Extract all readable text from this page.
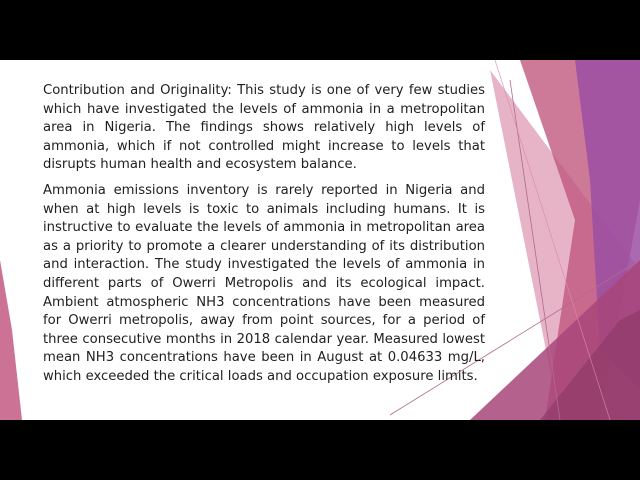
Contribution and Originality: This study is one of very few studies which have investigated the levels of ammonia in a metropolitan area in Nigeria. The findings shows relatively high levels of ammonia, which if not controlled might increase to levels that disrupts human health and ecosystem balance.

Ammonia emissions inventory is rarely reported in Nigeria and when at high levels is toxic to animals including humans. It is instructive to evaluate the levels of ammonia in metropolitan area as a priority to promote a clearer understanding of its distribution and interaction. The study investigated the levels of ammonia in different parts of Owerri Metropolis and its ecological impact. Ambient atmospheric NH3 concentrations have been measured for Owerri metropolis, away from point sources, for a period of three consecutive months in 2018 calendar year. Measured lowest mean NH3 concentrations have been in August at 0.04633 mg/L, which exceeded the critical loads and occupation exposure limits.
